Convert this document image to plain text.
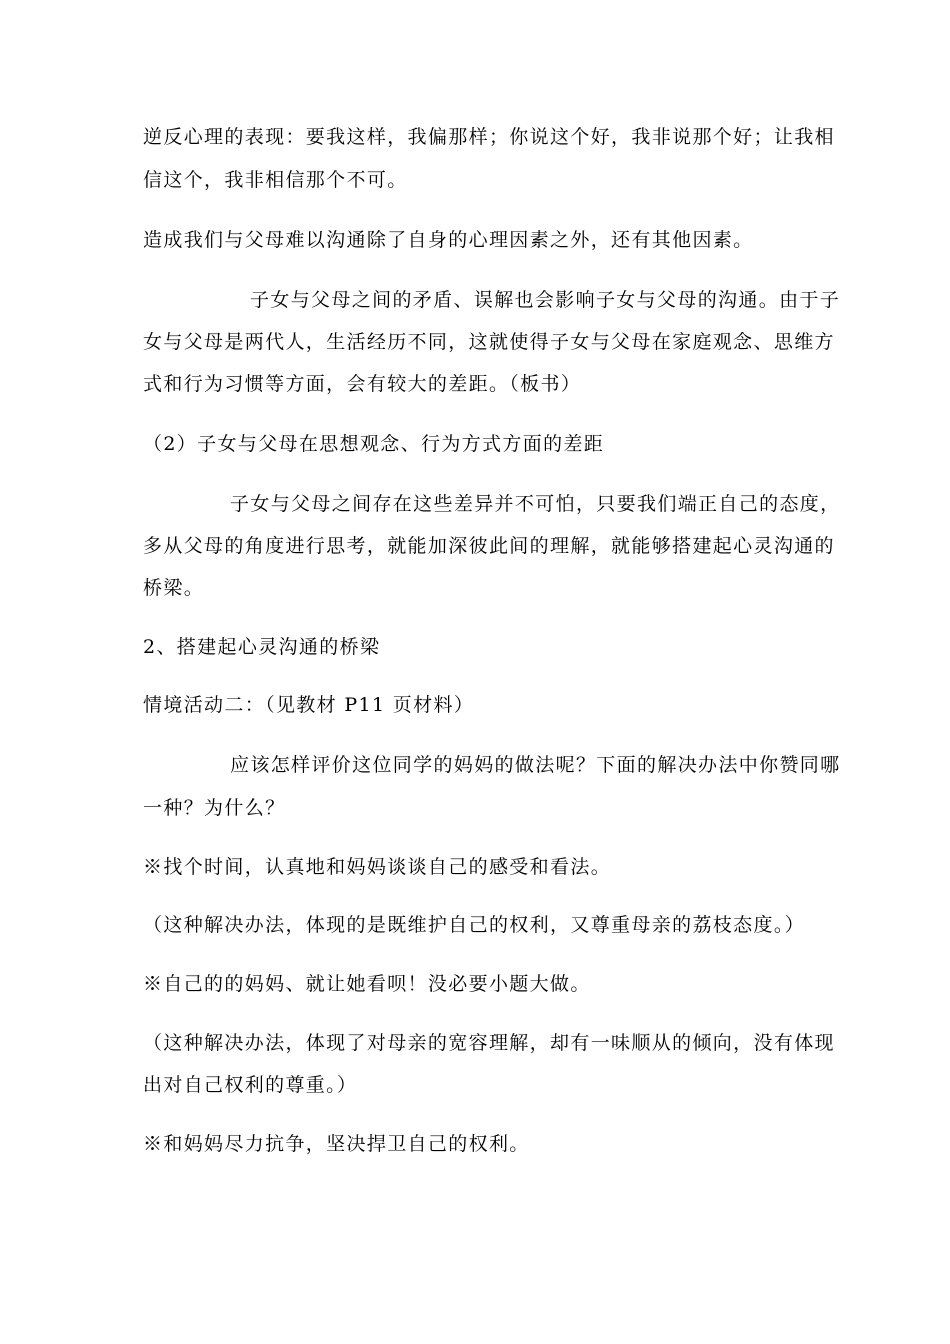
逆反心理的表现：要我这样，我偏那样；你说这个好，我非说那个好；让我相
信这个，我非相信那个不可。
造成我们与父母难以沟通除了自身的心理因素之外，还有其他因素。
子女与父母之间的矛盾、误解也会影响子女与父母的沟通。由于子
女与父母是两代人，生活经历不同，这就使得子女与父母在家庭观念、思维方
式和行为习惯等方面，会有较大的差距。（板书）
（2）子女与父母在思想观念、行为方式方面的差距
子女与父母之间存在这些差异并不可怕，只要我们端正自己的态度，
多从父母的角度进行思考，就能加深彼此间的理解，就能够搭建起心灵沟通的
桥梁。
2、搭建起心灵沟通的桥梁
情境活动二：（见教材 P11 页材料）
应该怎样评价这位同学的妈妈的做法呢？下面的解决办法中你赞同哪
一种？为什么？
※找个时间，认真地和妈妈谈谈自己的感受和看法。
（这种解决办法，体现的是既维护自己的权利，又尊重母亲的荔枝态度。）
※自己的的妈妈、就让她看呗！没必要小题大做。
（这种解决办法，体现了对母亲的宽容理解，却有一味顺从的倾向，没有体现
出对自己权利的尊重。）
※和妈妈尽力抗争，坚决捍卫自己的权利。
